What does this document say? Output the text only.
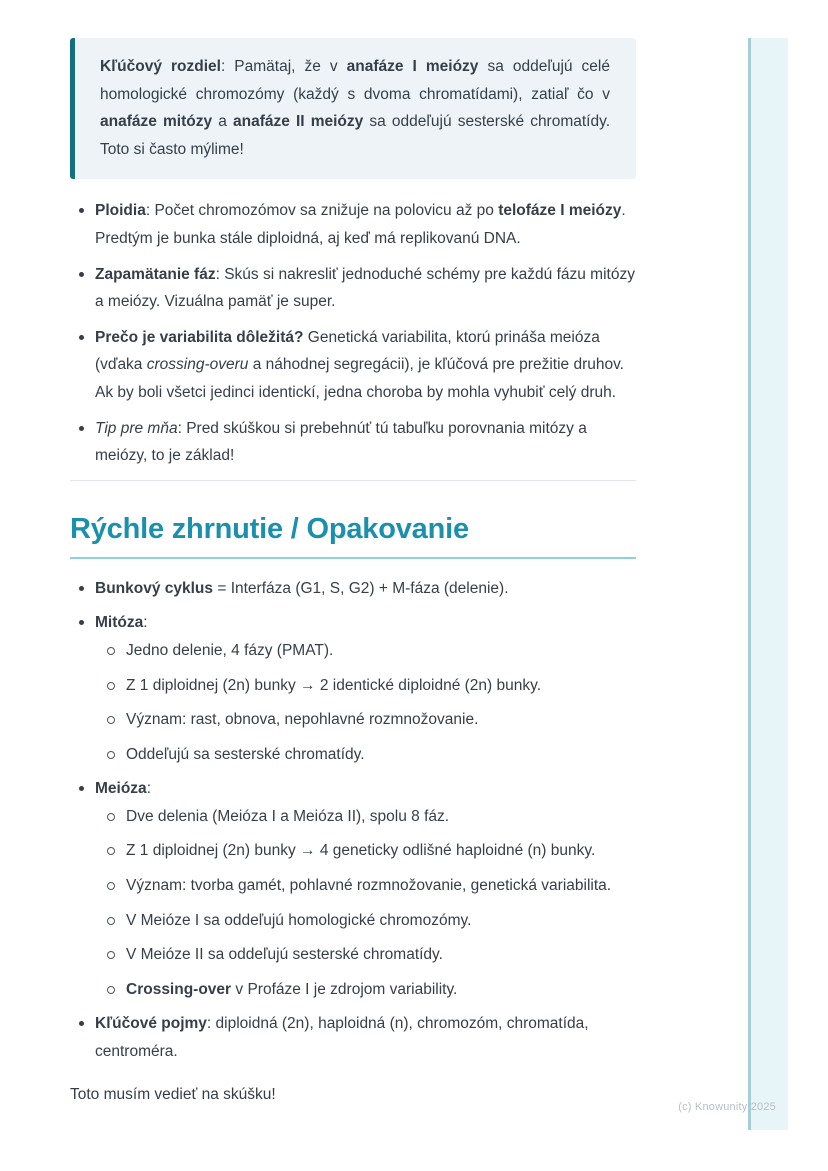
Kľúčový rozdiel: Pamätaj, že v anafáze I meiózy sa oddeľujú celé homologické chromozómy (každý s dvoma chromatídami), zatiaľ čo v anafáze mitózy a anafáze II meiózy sa oddeľujú sesterské chromatídy. Toto si často mýlime!

Ploidia: Počet chromozómov sa znižuje na polovicu až po telofáze I meiózy. Predtým je bunka stále diploidná, aj keď má replikovanú DNA.
Zapamätanie fáz: Skús si nakresliť jednoduché schémy pre každú fázu mitózy a meiózy. Vizuálna pamäť je super.
Prečo je variabilita dôležitá? Genetická variabilita, ktorú prináša meióza (vďaka crossing-overu a náhodnej segregácii), je kľúčová pre prežitie druhov. Ak by boli všetci jedinci identickí, jedna choroba by mohla vyhubiť celý druh.
Tip pre mňa: Pred skúškou si prebehnúť tú tabuľku porovnania mitózy a meiózy, to je základ!
Rýchle zhrnutie / Opakovanie
Bunkový cyklus = Interfáza (G1, S, G2) + M-fáza (delenie).
Mitóza:
Jedno delenie, 4 fázy (PMAT).
Z 1 diploidnej (2n) bunky → 2 identické diploidné (2n) bunky.
Význam: rast, obnova, nepohlavné rozmnožovanie.
Oddeľujú sa sesterské chromatídy.
Meióza:
Dve delenia (Meióza I a Meióza II), spolu 8 fáz.
Z 1 diploidnej (2n) bunky → 4 geneticky odlišné haploidné (n) bunky.
Význam: tvorba gamét, pohlavné rozmnožovanie, genetická variabilita.
V Meióze I sa oddeľujú homologické chromozómy.
V Meióze II sa oddeľujú sesterské chromatídy.
Crossing-over v Profáze I je zdrojom variability.
Kľúčové pojmy: diploidná (2n), haploidná (n), chromozóm, chromatída, centroméra.

Toto musím vedieť na skúšku!

(c) Knowunity 2025
